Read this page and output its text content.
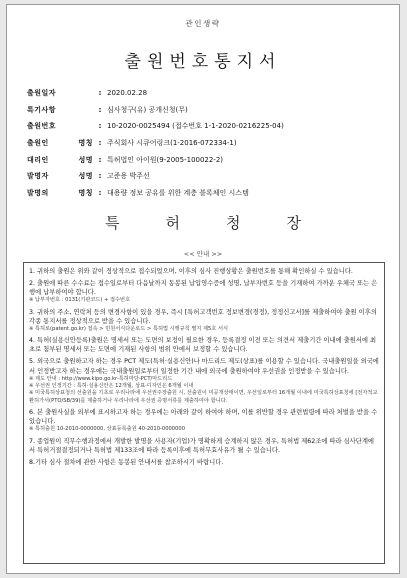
관인생략
출원번호통지서
출원일자	: 2020.02.28
특기사항	: 심사청구(유) 공개신청(무)
출원번호	: 10-2020-0025494 (접수번호 1-1-2020-0216225-04)
출원인 명칭 : 주식회사 시큐어링크(1-2016-072334-1)
대리인 성명 : 특허법인 아이원(9-2005-100022-2)
발명자 성명 : 고준용 박주선
발명의 명칭 : 대용량 정보 공유를 위한 계층 블록체인 시스템
특허청장
<< 안내 >>
1. 귀하의 출원은 위와 같이 정상적으로 접수되었으며, 이후의 심사 진행상황은 출원번호를 통해 확인하실 수 있습니다.
2. 출원에 따른 수수료는 접수일로부터 다음날까지 동봉된 납입영수증에 성명, 납부자번호 등을 기재하여 가까운 우체국 또는 은행에 납부하여야 합니다.
※ 납부자번호 : 0131(기관코드) + 접수번호
3. 귀하의 주소, 연락처 등의 변경사항이 있을 경우, 즉시 [특허고객번호 정보변경(경정), 정정신고서]를 제출하여야 출원 이후의 각종 통지서를 정상적으로 받을 수 있습니다.
※ 특허로(patent.go.kr) 접속 > 민원서식다운로드 > 특허법 시행규칙 별지 제5호 서식
4. 특허(실용신안등록)출원은 명세서 또는 도면의 보정이 필요한 경우, 등록결정 이전 또는 의견서 제출기간 이내에 출원서에 최초로 첨부된 명세서 또는 도면에 기재된 사항의 범위 안에서 보정할 수 있습니다.
5. 외국으로 출원하고자 하는 경우 PCT 제도(특허·실용신안)나 마드리드 제도(상표)를 이용할 수 있습니다. 국내출원일을 외국에서 인정받고자 하는 경우에는 국내출원일로부터 일정한 기간 내에 외국에 출원하여야 우선권을 인정받을 수 있습니다.
※ 제도 안내 : http://www.kipo.go.kr-특허마당-PCT/마드리드
※ 우선권 인정기간 : 특허·실용신안은 12개월, 상표·디자인은 6개월 이내
※ 미국특허상표청의 선출원을 기초로 우리나라에 우선권주장출원 시, 선출원이 미공개상태이면, 우선일로부터 16개월 이내에 미국특허상표청에 [전자적교환허가서(PTO/SB/39)를 제출하거나 우리나라에 우선권 증명서류를 제출하여야 합니다.
6. 본 출원사실을 외부에 표시하고자 하는 경우에는 아래와 같이 하여야 하며, 이를 위반할 경우 관련법령에 따라 처벌을 받을 수 있습니다.
※ 특허출원 10-2010-0000000, 상표등록출원 40-2010-0000000
7. 종업원이 직무수행과정에서 개발한 발명을 사용자(기업)가 명확하게 승계하지 않은 경우, 특허법 제62조에 따라 심사단계에서 특허거절결정되거나 특허법 제133조에 따라 등록이후에 특허무효사유가 될 수 있습니다.
8.기타 심사 절차에 관한 사항은 동봉된 안내서를 참조하시기 바랍니다.
